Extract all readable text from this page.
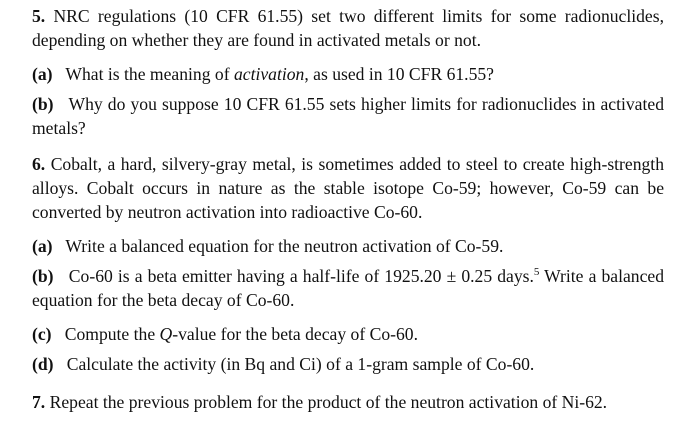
5. NRC regulations (10 CFR 61.55) set two different limits for some radionuclides, depending on whether they are found in activated metals or not.

(a) What is the meaning of activation, as used in 10 CFR 61.55?

(b) Why do you suppose 10 CFR 61.55 sets higher limits for radionuclides in activated metals?

6. Cobalt, a hard, silvery-gray metal, is sometimes added to steel to create high-strength alloys. Cobalt occurs in nature as the stable isotope Co-59; however, Co-59 can be converted by neutron activation into radioactive Co-60.

(a) Write a balanced equation for the neutron activation of Co-59.

(b) Co-60 is a beta emitter having a half-life of 1925.20 ± 0.25 days.$^5$ Write a balanced equation for the beta decay of Co-60.

(c) Compute the Q-value for the beta decay of Co-60.

(d) Calculate the activity (in Bq and Ci) of a 1-gram sample of Co-60.

7. Repeat the previous problem for the product of the neutron activation of Ni-62.
